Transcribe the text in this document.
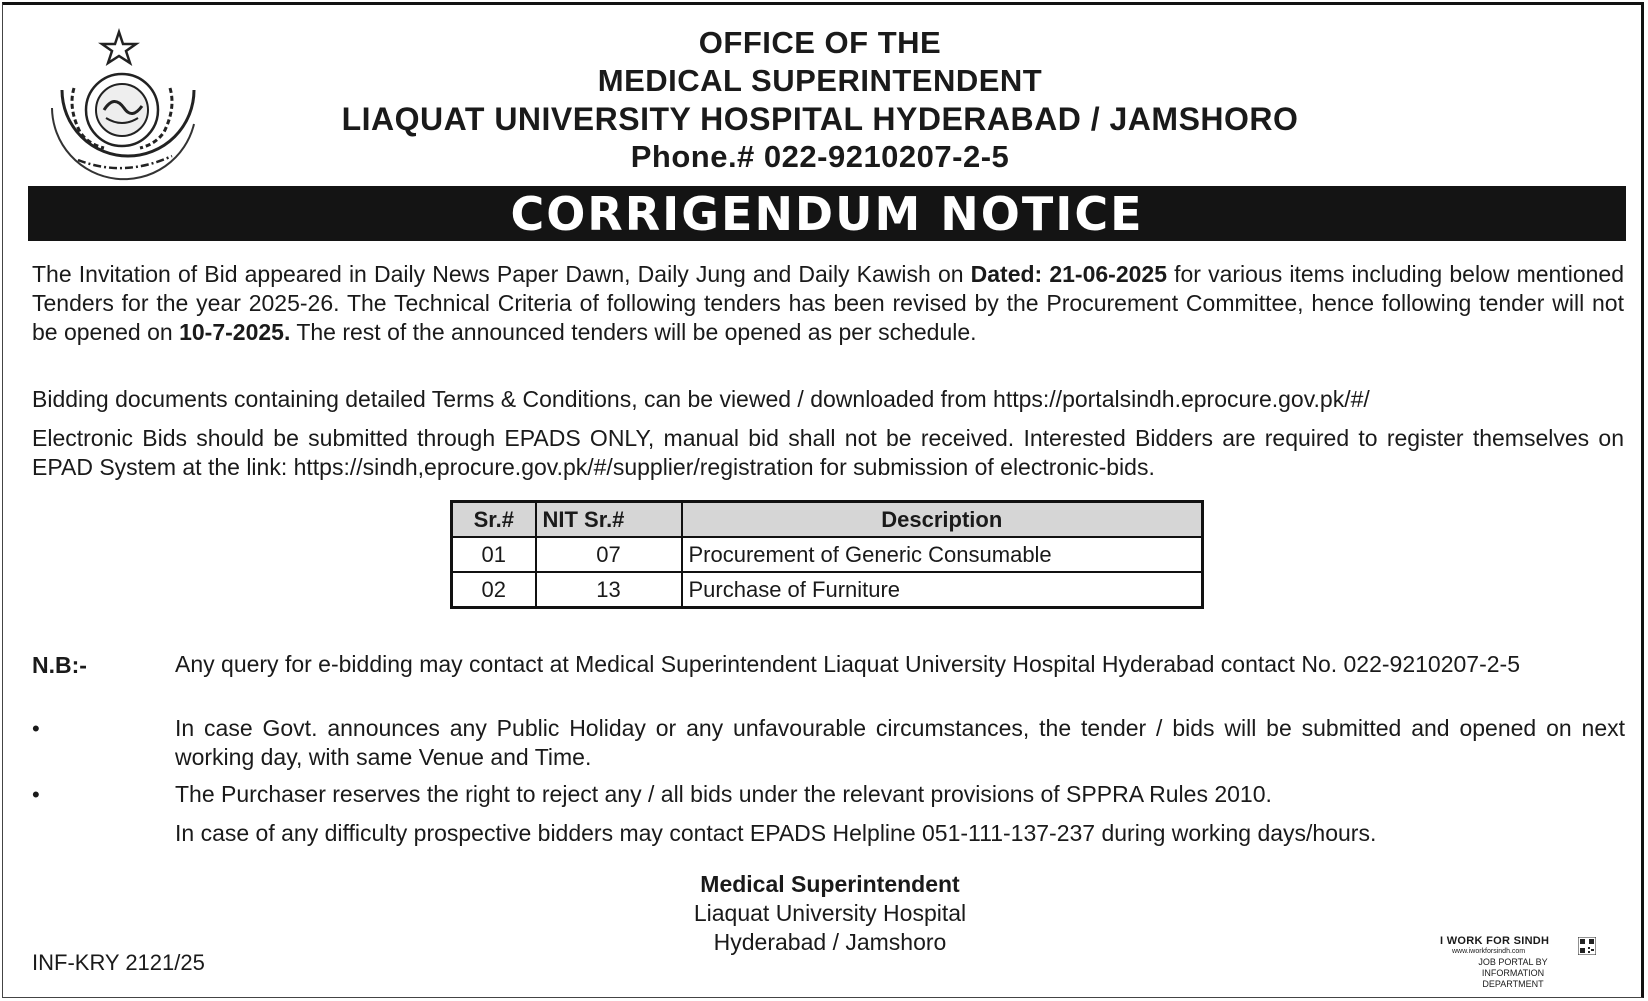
OFFICE OF THE
MEDICAL SUPERINTENDENT
LIAQUAT UNIVERSITY HOSPITAL HYDERABAD / JAMSHORO
Phone.# 022-9210207-2-5
CORRIGENDUM NOTICE
The Invitation of Bid appeared in Daily News Paper Dawn, Daily Jung and Daily Kawish on Dated: 21-06-2025 for various items including below mentioned Tenders for the year 2025-26. The Technical Criteria of following tenders has been revised by the Procurement Committee, hence following tender will not be opened on 10-7-2025. The rest of the announced tenders will be opened as per schedule.
Bidding documents containing detailed Terms & Conditions, can be viewed / downloaded from https://portalsindh.eprocure.gov.pk/#/
Electronic Bids should be submitted through EPADS ONLY, manual bid shall not be received. Interested Bidders are required to register themselves on EPAD System at the link: https://sindh,eprocure.gov.pk/#/supplier/registration for submission of electronic-bids.
Sr.#	NIT Sr.#	Description
01	07	Procurement of Generic Consumable
02	13	Purchase of Furniture
N.B:-	Any query for e-bidding may contact at Medical Superintendent Liaquat University Hospital Hyderabad contact No. 022-9210207-2-5
•	In case Govt. announces any Public Holiday or any unfavourable circumstances, the tender / bids will be submitted and opened on next working day, with same Venue and Time.
•	The Purchaser reserves the right to reject any / all bids under the relevant provisions of SPPRA Rules 2010.
In case of any difficulty prospective bidders may contact EPADS Helpline 051-111-137-237 during working days/hours.
Medical Superintendent
Liaquat University Hospital
Hyderabad / Jamshoro
INF-KRY 2121/25
I WORK FOR SINDH
www.iworkforsindh.com
JOB PORTAL BY
INFORMATION DEPARTMENT
